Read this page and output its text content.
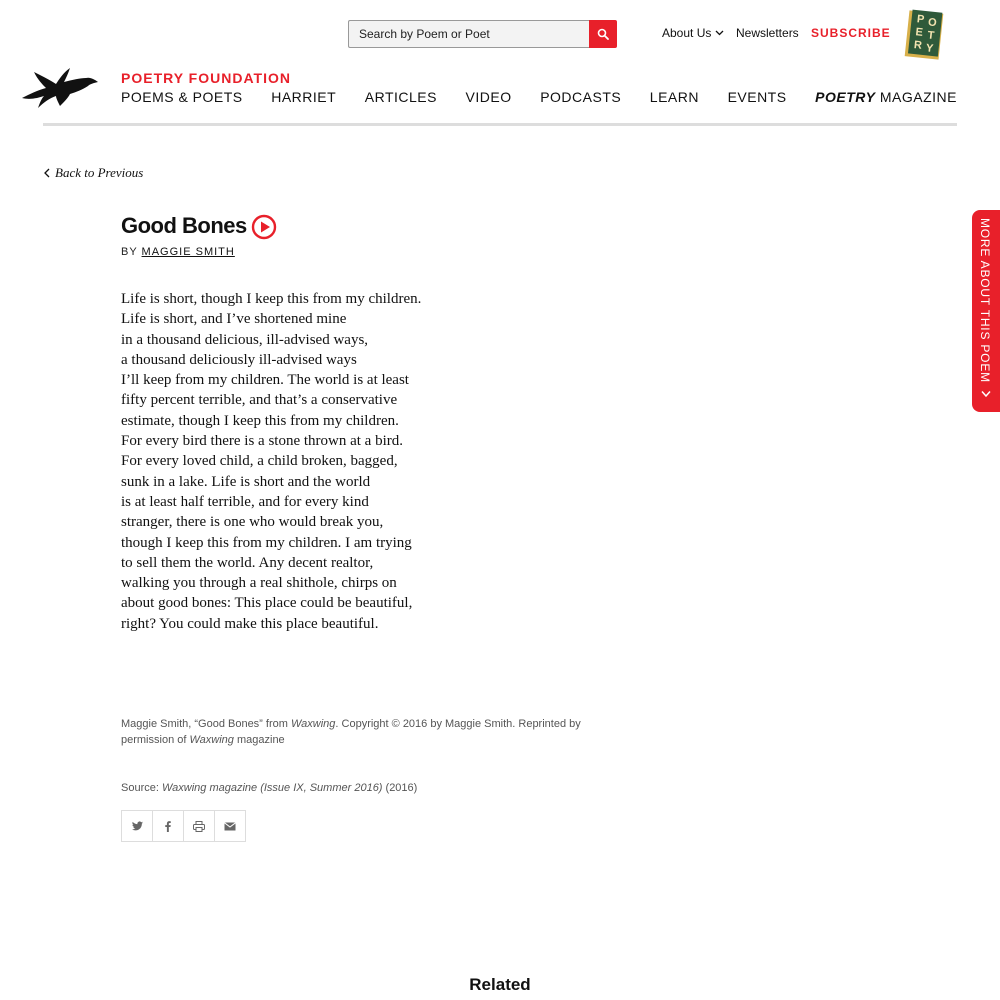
Search by Poem or Poet	About Us Newsletters SUBSCRIBE
P O
E T
R Y
POETRY FOUNDATION
POEMS & POETS HARRIET ARTICLES VIDEO PODCASTS LEARN EVENTS POETRY MAGAZINE
Back to Previous
Good Bones
BY MAGGIE SMITH
Life is short, though I keep this from my children.
Life is short, and I’ve shortened mine
in a thousand delicious, ill-advised ways,
a thousand deliciously ill-advised ways
I’ll keep from my children. The world is at least
fifty percent terrible, and that’s a conservative
estimate, though I keep this from my children.
For every bird there is a stone thrown at a bird.
For every loved child, a child broken, bagged,
sunk in a lake. Life is short and the world
is at least half terrible, and for every kind
stranger, there is one who would break you,
though I keep this from my children. I am trying
to sell them the world. Any decent realtor,
walking you through a real shithole, chirps on
about good bones: This place could be beautiful,
right? You could make this place beautiful.

Maggie Smith, “Good Bones” from Waxwing. Copyright © 2016 by Maggie Smith. Reprinted by permission of Waxwing magazine

Source: Waxwing magazine (Issue IX, Summer 2016) (2016)

Related
MORE ABOUT THIS POEM
